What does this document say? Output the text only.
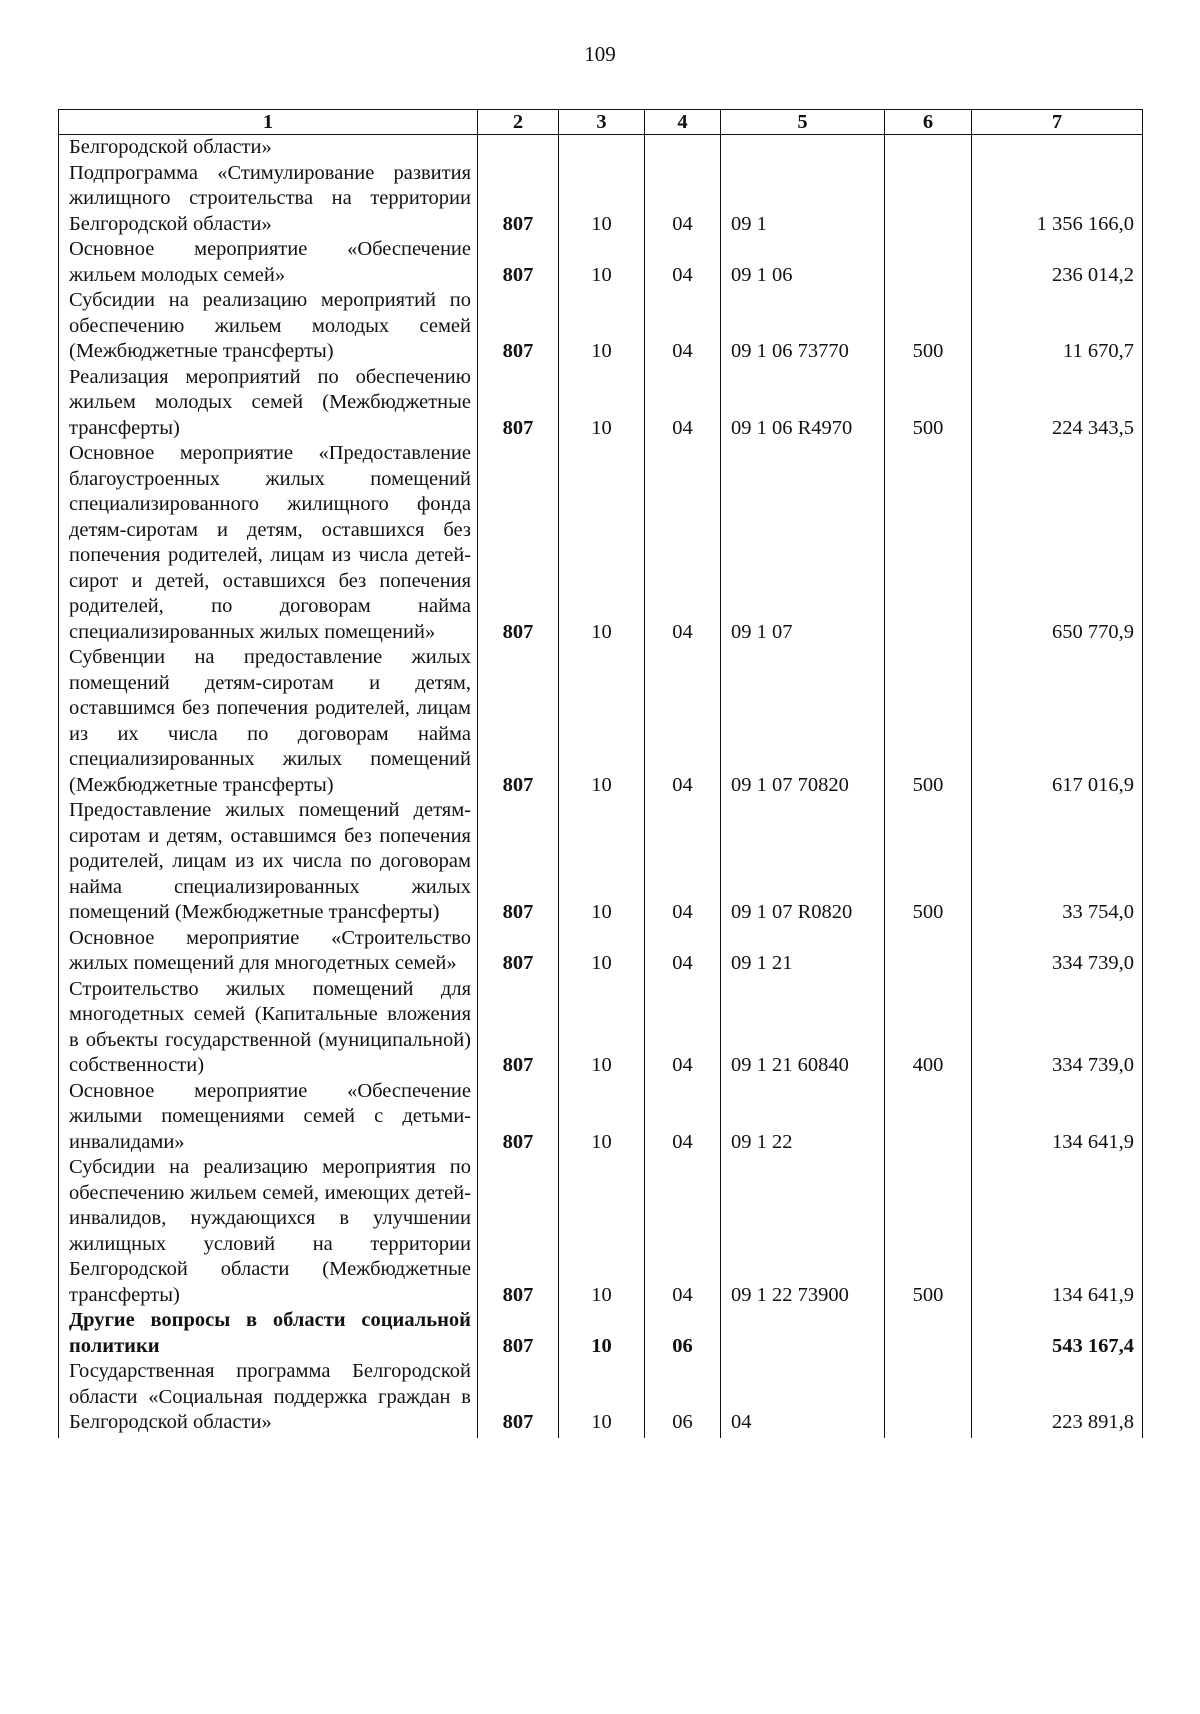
109
1	2	3	4	5	6	7
Белгородской области»						
Подпрограмма «Стимулирование развития жилищного строительства на территории Белгородской области»	807	10	04	09 1		1 356 166,0
Основное мероприятие «Обеспечение жильем молодых семей»	807	10	04	09 1 06		236 014,2
Субсидии на реализацию мероприятий по обеспечению жильем молодых семей (Межбюджетные трансферты)	807	10	04	09 1 06 73770	500	11 670,7
Реализация мероприятий по обеспечению жильем молодых семей (Межбюджетные трансферты)	807	10	04	09 1 06 R4970	500	224 343,5
Основное мероприятие «Предоставление благоустроенных жилых помещений специализированного жилищного фонда детям-сиротам и детям, оставшихся без попечения родителей, лицам из числа детей-сирот и детей, оставшихся без попечения родителей, по договорам найма специализированных жилых помещений»	807	10	04	09 1 07		650 770,9
Субвенции на предоставление жилых помещений детям-сиротам и детям, оставшимся без попечения родителей, лицам из их числа по договорам найма специализированных жилых помещений (Межбюджетные трансферты)	807	10	04	09 1 07 70820	500	617 016,9
Предоставление жилых помещений детям-сиротам и детям, оставшимся без попечения родителей, лицам из их числа по договорам найма специализированных жилых помещений (Межбюджетные трансферты)	807	10	04	09 1 07 R0820	500	33 754,0
Основное мероприятие «Строительство жилых помещений для многодетных семей»	807	10	04	09 1 21		334 739,0
Строительство жилых помещений для многодетных семей (Капитальные вложения в объекты государственной (муниципальной) собственности)	807	10	04	09 1 21 60840	400	334 739,0
Основное мероприятие «Обеспечение жилыми помещениями семей с детьми-инвалидами»	807	10	04	09 1 22		134 641,9
Субсидии на реализацию мероприятия по обеспечению жильем семей, имеющих детей-инвалидов, нуждающихся в улучшении жилищных условий на территории Белгородской области (Межбюджетные трансферты)	807	10	04	09 1 22 73900	500	134 641,9
Другие вопросы в области социальной политики	807	10	06			543 167,4
Государственная программа Белгородской области «Социальная поддержка граждан в Белгородской области»	807	10	06	04		223 891,8
